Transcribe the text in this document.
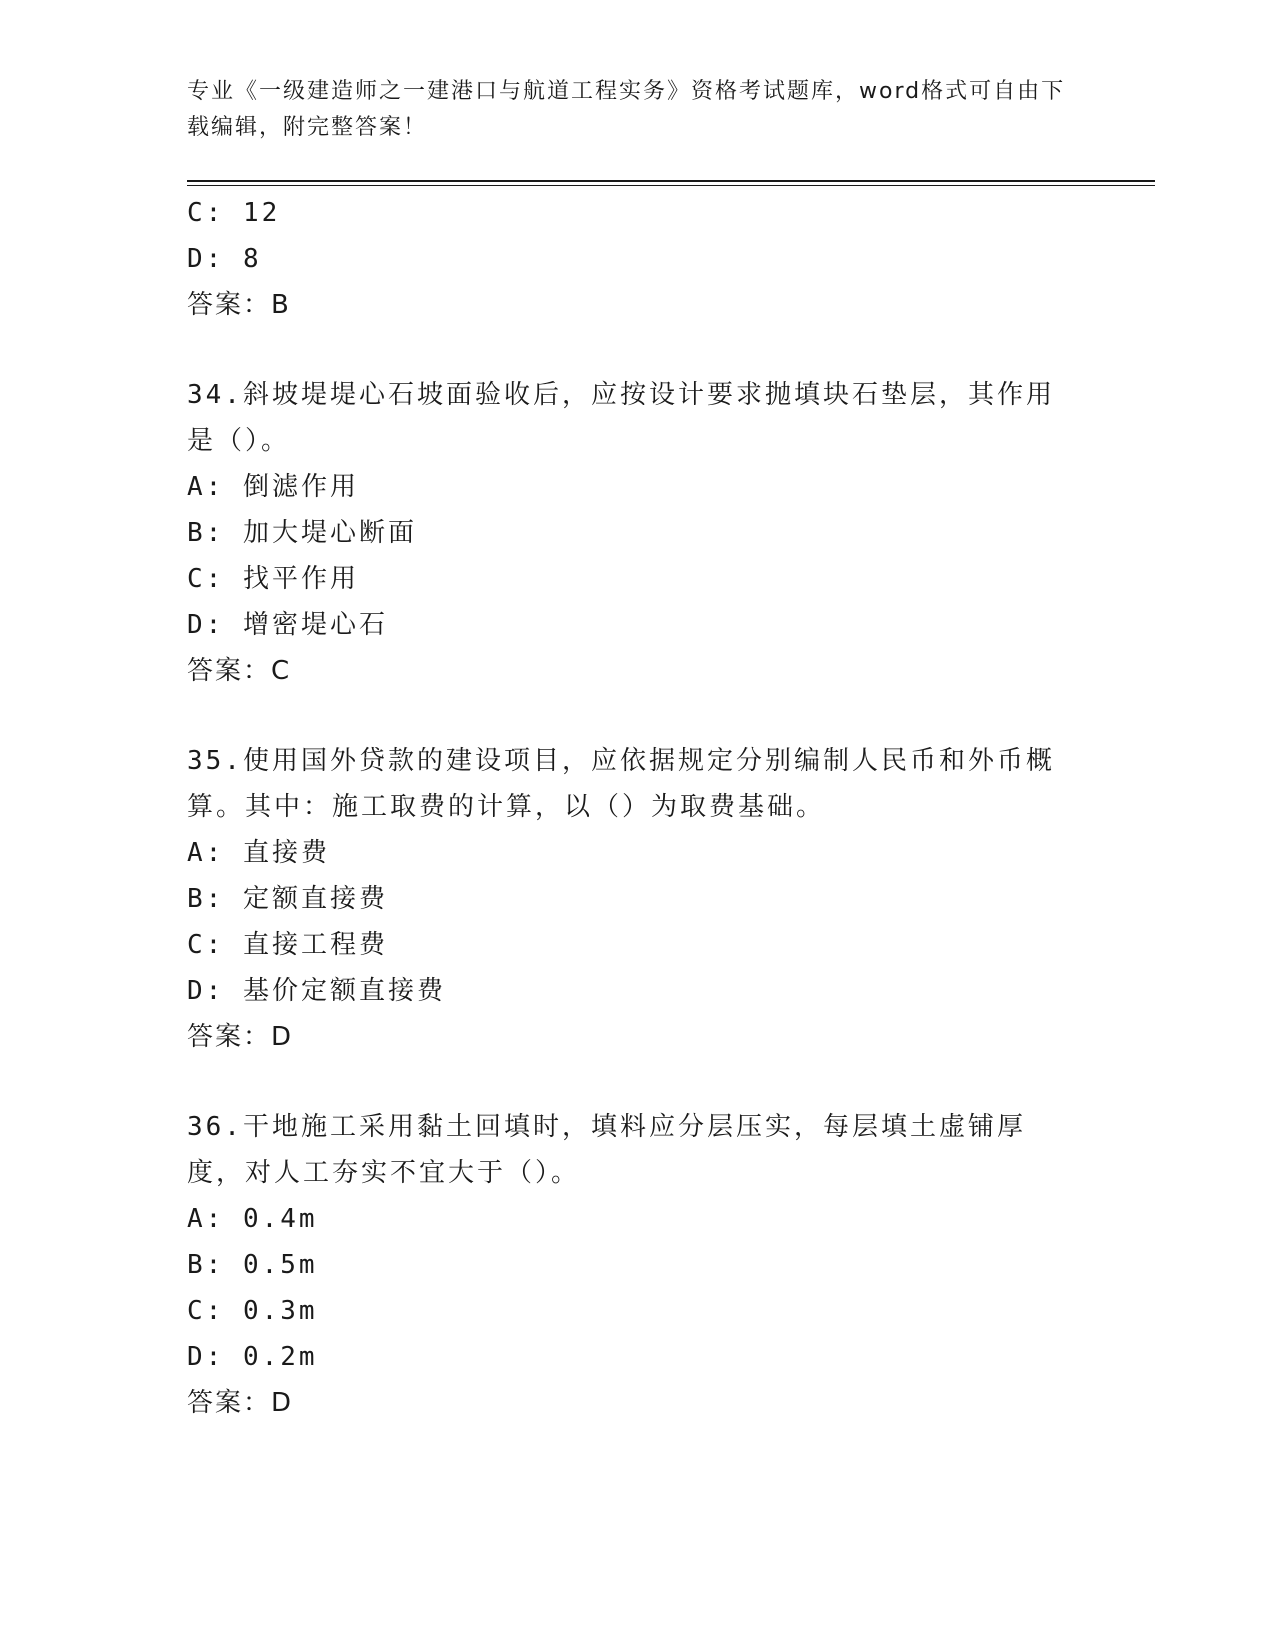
专业《一级建造师之一建港口与航道工程实务》资格考试题库，word格式可自由下载编辑，附完整答案！
C: 12
D: 8
答案：B
34.斜坡堤堤心石坡面验收后，应按设计要求抛填块石垫层，其作用是（）。
A: 倒滤作用
B: 加大堤心断面
C: 找平作用
D: 增密堤心石
答案：C
35.使用国外贷款的建设项目，应依据规定分别编制人民币和外币概算。其中：施工取费的计算，以（）为取费基础。
A: 直接费
B: 定额直接费
C: 直接工程费
D: 基价定额直接费
答案：D
36.干地施工采用黏土回填时，填料应分层压实，每层填土虚铺厚度，对人工夯实不宜大于（）。
A: 0.4m
B: 0.5m
C: 0.3m
D: 0.2m
答案：D
